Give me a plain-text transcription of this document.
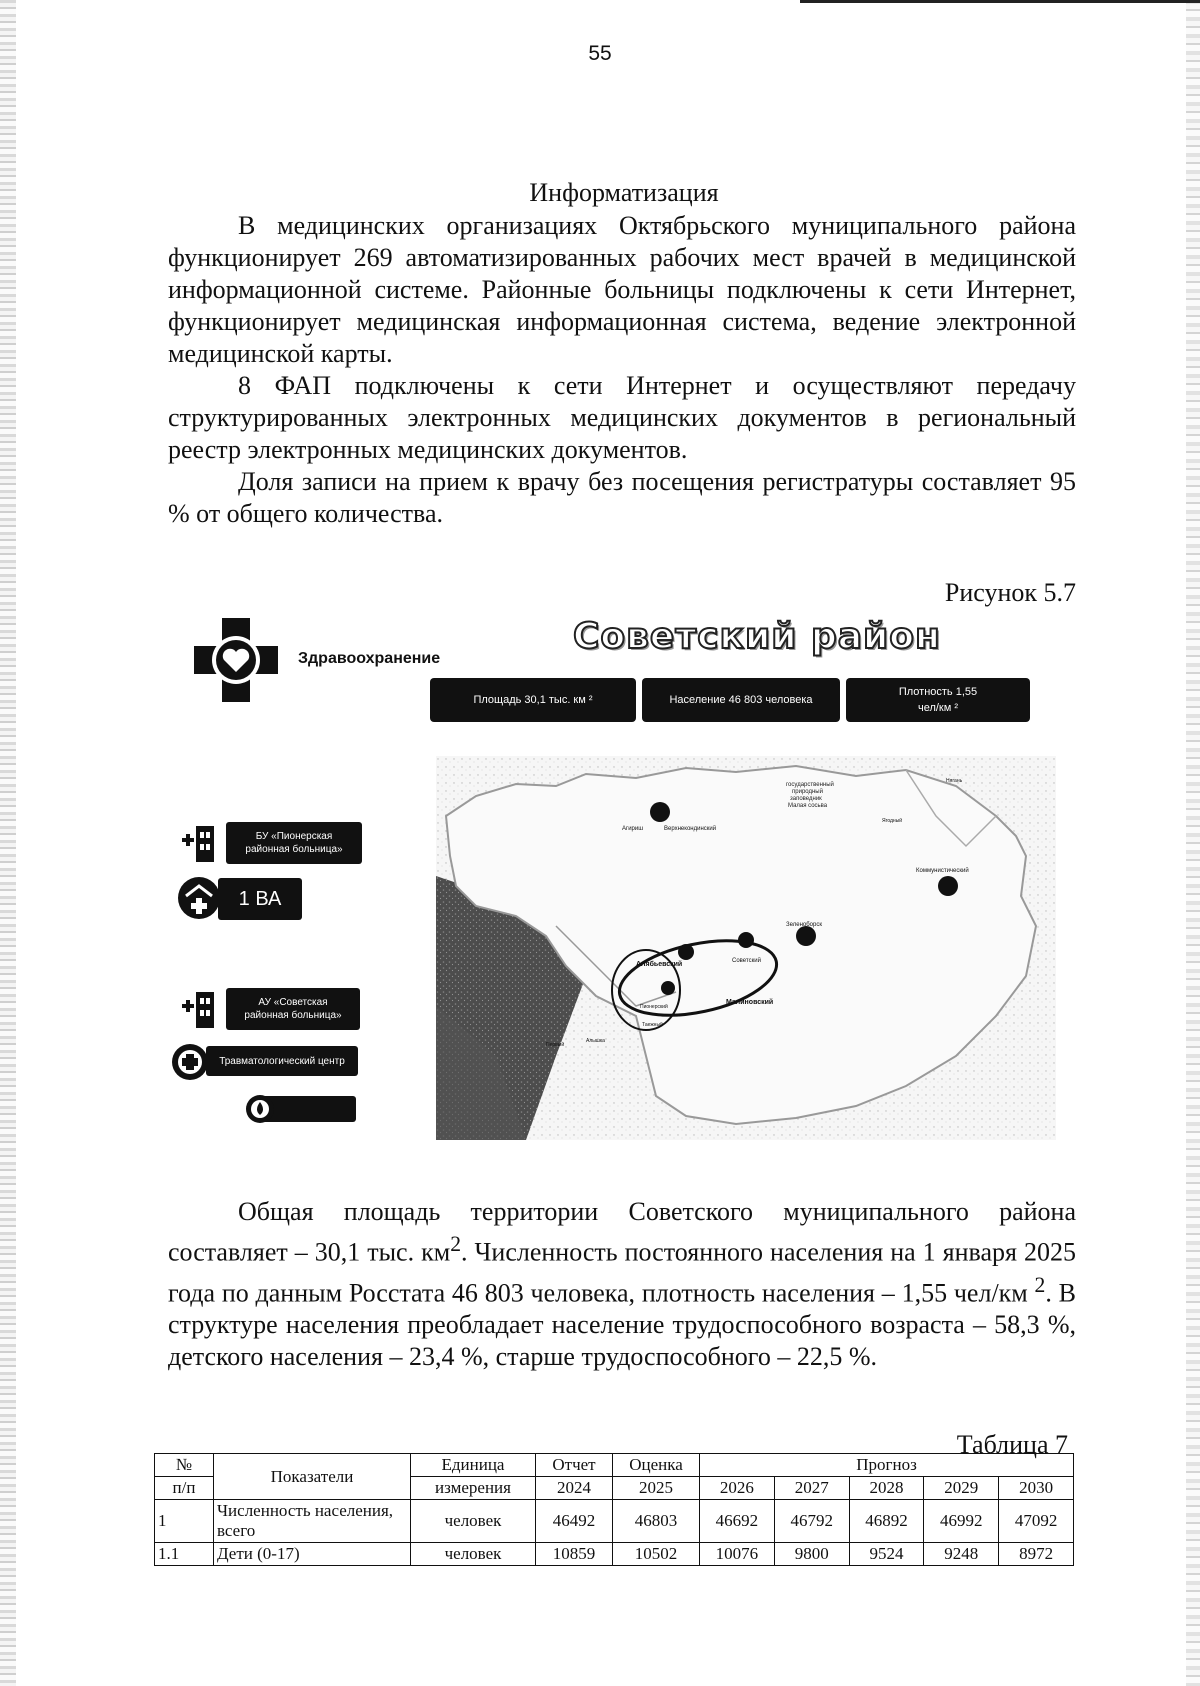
55
Информатизация

В медицинских организациях Октябрьского муниципального района функционирует 269 автоматизированных рабочих мест врачей в медицинской информационной системе. Районные больницы подключены к сети Интернет, функционирует медицинская информационная система, ведение электронной медицинской карты.

8 ФАП подключены к сети Интернет и осуществляют передачу структурированных электронных медицинских документов в региональный реестр электронных медицинских документов.

Доля записи на прием к врачу без посещения регистратуры составляет 95 % от общего количества.

Рисунок 5.7
Здравоохранение
Советский район
Площадь 30,1 тыс. км ²	Население 46 803 человека
Плотность 1,55
чел/км ²
БУ «Пионерская
районная больница»
1 ВА
АУ «Советская
районная больница»
Травматологический центр
государственный
природный
заповедник
Малая сосьва
Алябьевский	Советский
Малиновский
Зеленоборск
Коммунистический
Агириш	Верхнекондинский
Пионерский
Таежный
Ягодный
Нягань
Первый
Алышка

Общая площадь территории Советского муниципального района составляет – 30,1 тыс. $км^2$. Численность постоянного населения на 1 января 2025 года по данным Росстата 46 803 человека, плотность населения – 1,55 чел/км $^2$. В структуре населения преобладает население трудоспособного возраста – 58,3 %, детского населения – 23,4 %, старше трудоспособного – 22,5 %.

Таблица 7
№	Показатели	Единица	Отчет	Оценка	Прогноз				
п/п		измерения	2024	2025	2026	2027	2028	2029	2030
1	Численность населения, всего	человек	46492	46803	46692	46792	46892	46992	47092
1.1	Дети (0-17)	человек	10859	10502	10076	9800	9524	9248	8972
